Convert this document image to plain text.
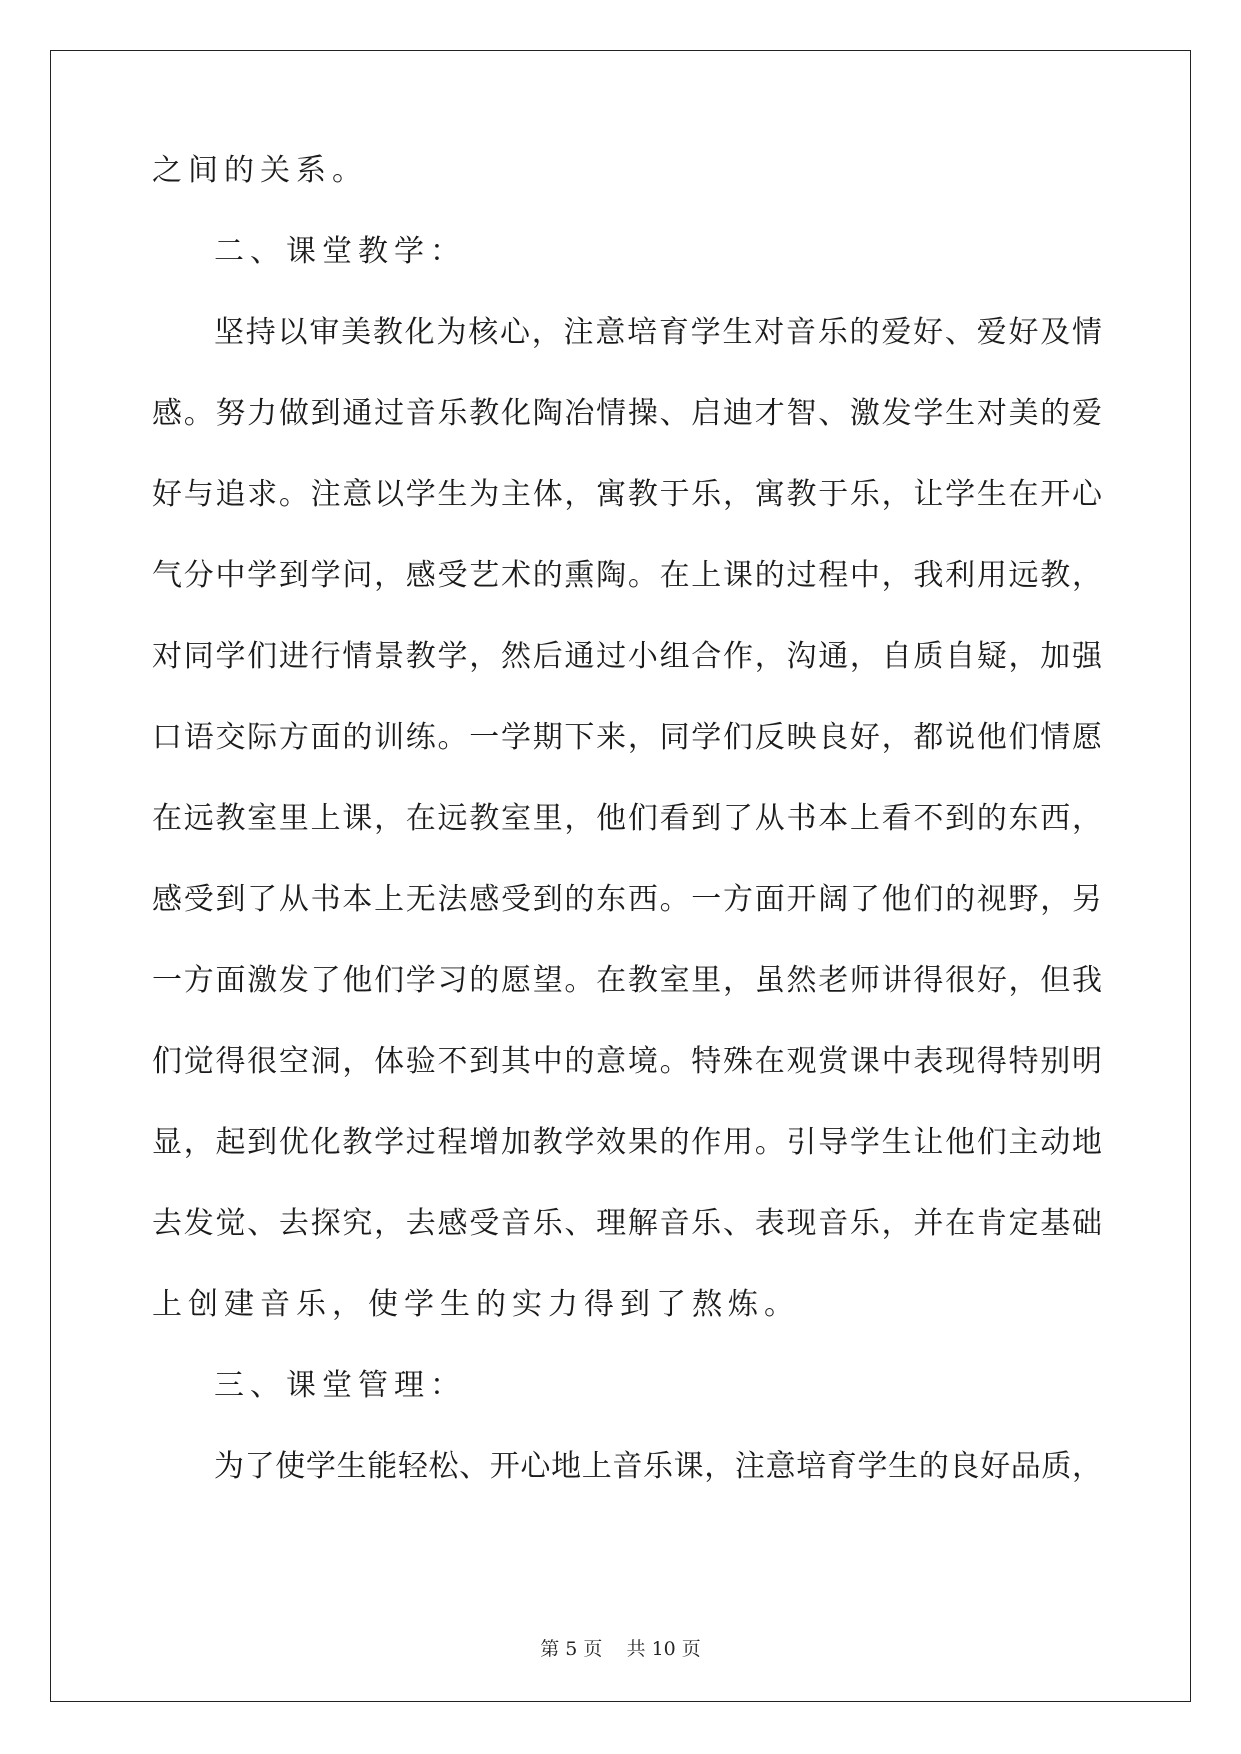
之间的关系。
二、课堂教学：
坚持以审美教化为核心，注意培育学生对音乐的爱好、爱好及情
感。努力做到通过音乐教化陶冶情操、启迪才智、激发学生对美的爱
好与追求。注意以学生为主体，寓教于乐，寓教于乐，让学生在开心
气分中学到学问，感受艺术的熏陶。在上课的过程中，我利用远教，
对同学们进行情景教学，然后通过小组合作，沟通，自质自疑，加强
口语交际方面的训练。一学期下来，同学们反映良好，都说他们情愿
在远教室里上课，在远教室里，他们看到了从书本上看不到的东西，
感受到了从书本上无法感受到的东西。一方面开阔了他们的视野，另
一方面激发了他们学习的愿望。在教室里，虽然老师讲得很好，但我
们觉得很空洞，体验不到其中的意境。特殊在观赏课中表现得特别明
显，起到优化教学过程增加教学效果的作用。引导学生让他们主动地
去发觉、去探究，去感受音乐、理解音乐、表现音乐，并在肯定基础
上创建音乐，使学生的实力得到了熬炼。
三、课堂管理：
为了使学生能轻松、开心地上音乐课，注意培育学生的良好品质，
第 5 页    共 10 页
